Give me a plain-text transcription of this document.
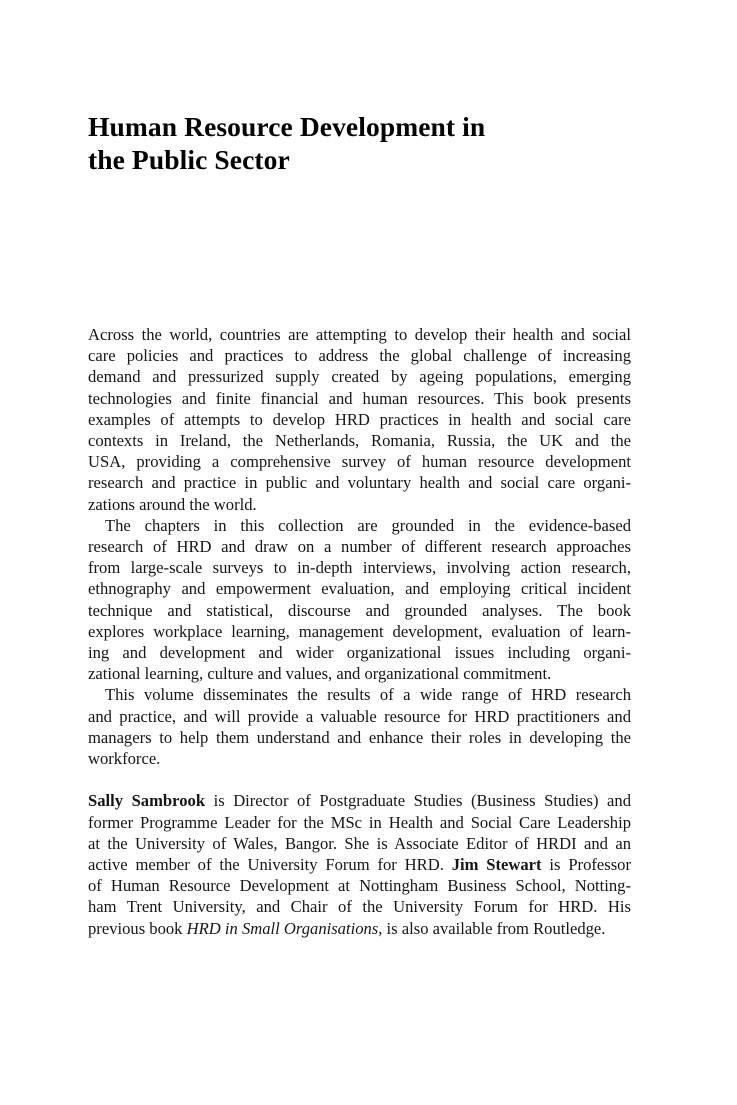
Human Resource Development in
the Public Sector

Across the world, countries are attempting to develop their health and social
care policies and practices to address the global challenge of increasing
demand and pressurized supply created by ageing populations, emerging
technologies and finite financial and human resources. This book presents
examples of attempts to develop HRD practices in health and social care
contexts in Ireland, the Netherlands, Romania, Russia, the UK and the
USA, providing a comprehensive survey of human resource development
research and practice in public and voluntary health and social care organi-
zations around the world.

The chapters in this collection are grounded in the evidence-based
research of HRD and draw on a number of different research approaches
from large-scale surveys to in-depth interviews, involving action research,
ethnography and empowerment evaluation, and employing critical incident
technique and statistical, discourse and grounded analyses. The book
explores workplace learning, management development, evaluation of learn-
ing and development and wider organizational issues including organi-
zational learning, culture and values, and organizational commitment.

This volume disseminates the results of a wide range of HRD research
and practice, and will provide a valuable resource for HRD practitioners and
managers to help them understand and enhance their roles in developing the
workforce.

Sally Sambrook is Director of Postgraduate Studies (Business Studies) and
former Programme Leader for the MSc in Health and Social Care Leadership
at the University of Wales, Bangor. She is Associate Editor of HRDI and an
active member of the University Forum for HRD. Jim Stewart is Professor
of Human Resource Development at Nottingham Business School, Notting-
ham Trent University, and Chair of the University Forum for HRD. His
previous book HRD in Small Organisations, is also available from Routledge.
